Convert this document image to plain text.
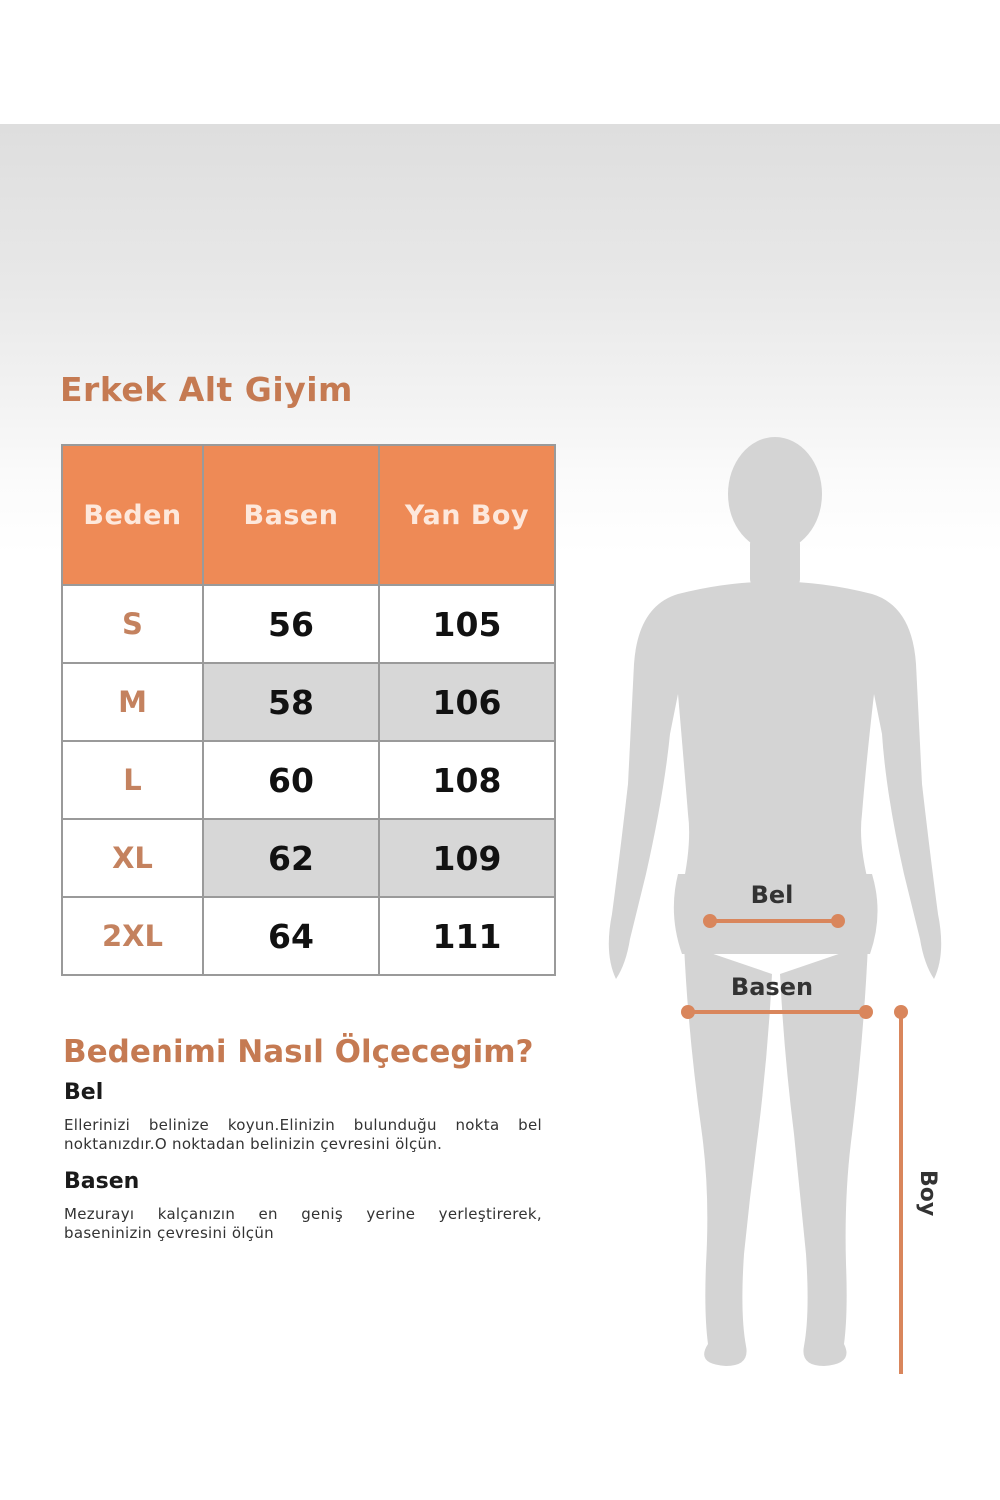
Erkek Alt Giyim
Beden	Basen	Yan Boy
S	56	105
M	58	106
L	60	108
XL	62	109
2XL	64	111
Bedenimi Nasıl Ölçecegim?
Bel
Ellerinizi belinize koyun.Elinizin bulunduğu nokta bel noktanızdır.O noktadan belinizin çevresini ölçün.
Basen
Mezurayı kalçanızın en geniş yerine yerleştirerek, baseninizin çevresini ölçün
Bel
Basen
Boy
